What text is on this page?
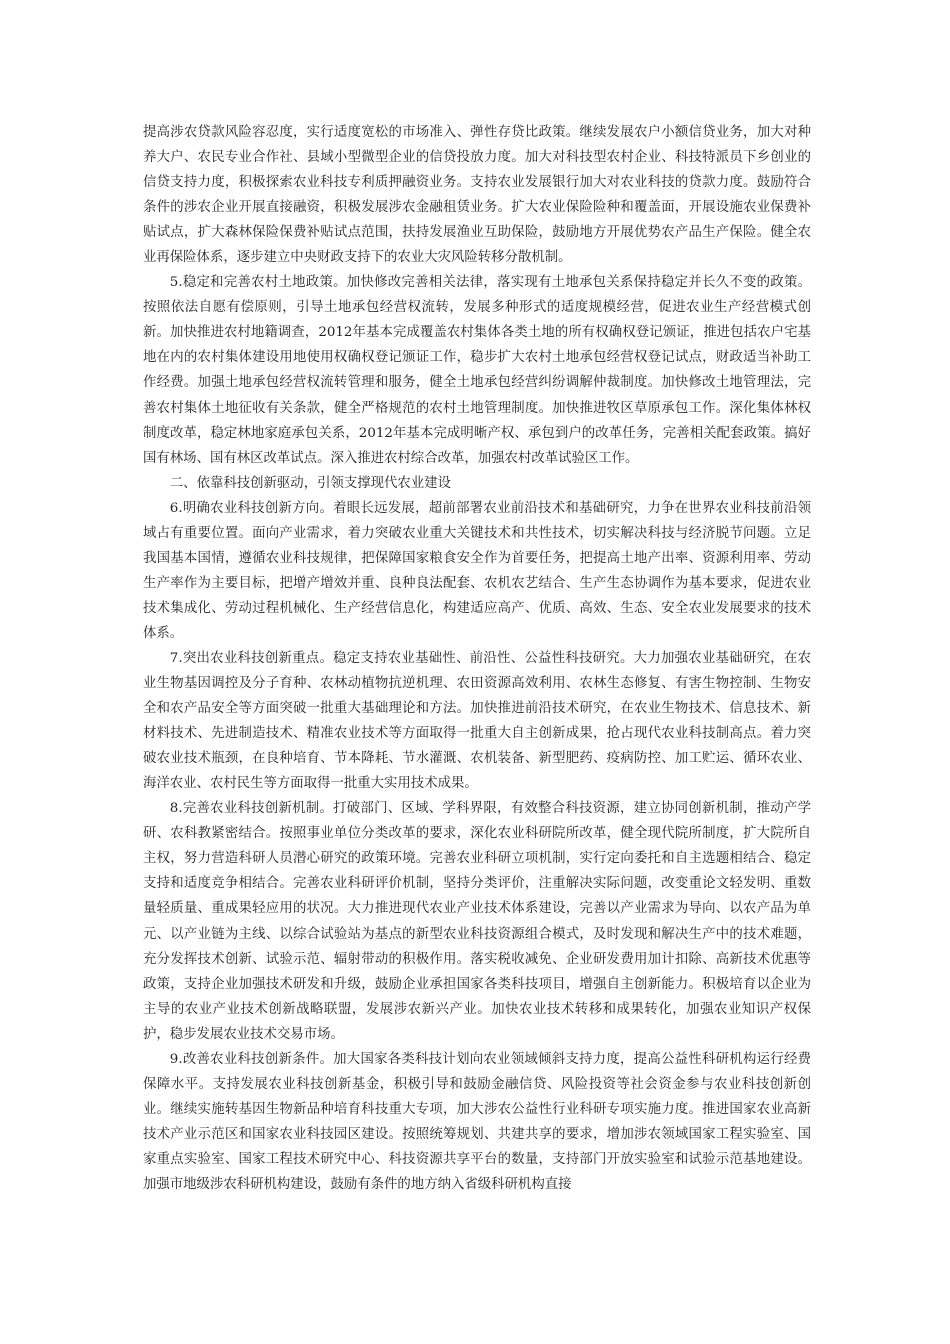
提高涉农贷款风险容忍度，实行适度宽松的市场准入、弹性存贷比政策。继续发展农户小额信贷业务，加大对种养大户、农民专业合作社、县域小型微型企业的信贷投放力度。加大对科技型农村企业、科技特派员下乡创业的信贷支持力度，积极探索农业科技专利质押融资业务。支持农业发展银行加大对农业科技的贷款力度。鼓励符合条件的涉农企业开展直接融资，积极发展涉农金融租赁业务。扩大农业保险险种和覆盖面，开展设施农业保费补贴试点，扩大森林保险保费补贴试点范围，扶持发展渔业互助保险，鼓励地方开展优势农产品生产保险。健全农业再保险体系，逐步建立中央财政支持下的农业大灾风险转移分散机制。

5.稳定和完善农村土地政策。加快修改完善相关法律，落实现有土地承包关系保持稳定并长久不变的政策。按照依法自愿有偿原则，引导土地承包经营权流转，发展多种形式的适度规模经营，促进农业生产经营模式创新。加快推进农村地籍调查，2012年基本完成覆盖农村集体各类土地的所有权确权登记颁证，推进包括农户宅基地在内的农村集体建设用地使用权确权登记颁证工作，稳步扩大农村土地承包经营权登记试点，财政适当补助工作经费。加强土地承包经营权流转管理和服务，健全土地承包经营纠纷调解仲裁制度。加快修改土地管理法，完善农村集体土地征收有关条款，健全严格规范的农村土地管理制度。加快推进牧区草原承包工作。深化集体林权制度改革，稳定林地家庭承包关系，2012年基本完成明晰产权、承包到户的改革任务，完善相关配套政策。搞好国有林场、国有林区改革试点。深入推进农村综合改革，加强农村改革试验区工作。

二、依靠科技创新驱动，引领支撑现代农业建设

6.明确农业科技创新方向。着眼长远发展，超前部署农业前沿技术和基础研究，力争在世界农业科技前沿领域占有重要位置。面向产业需求，着力突破农业重大关键技术和共性技术，切实解决科技与经济脱节问题。立足我国基本国情，遵循农业科技规律，把保障国家粮食安全作为首要任务，把提高土地产出率、资源利用率、劳动生产率作为主要目标，把增产增效并重、良种良法配套、农机农艺结合、生产生态协调作为基本要求，促进农业技术集成化、劳动过程机械化、生产经营信息化，构建适应高产、优质、高效、生态、安全农业发展要求的技术体系。

7.突出农业科技创新重点。稳定支持农业基础性、前沿性、公益性科技研究。大力加强农业基础研究，在农业生物基因调控及分子育种、农林动植物抗逆机理、农田资源高效利用、农林生态修复、有害生物控制、生物安全和农产品安全等方面突破一批重大基础理论和方法。加快推进前沿技术研究，在农业生物技术、信息技术、新材料技术、先进制造技术、精准农业技术等方面取得一批重大自主创新成果，抢占现代农业科技制高点。着力突破农业技术瓶颈，在良种培育、节本降耗、节水灌溉、农机装备、新型肥药、疫病防控、加工贮运、循环农业、海洋农业、农村民生等方面取得一批重大实用技术成果。

8.完善农业科技创新机制。打破部门、区域、学科界限，有效整合科技资源，建立协同创新机制，推动产学研、农科教紧密结合。按照事业单位分类改革的要求，深化农业科研院所改革，健全现代院所制度，扩大院所自主权，努力营造科研人员潜心研究的政策环境。完善农业科研立项机制，实行定向委托和自主选题相结合、稳定支持和适度竞争相结合。完善农业科研评价机制，坚持分类评价，注重解决实际问题，改变重论文轻发明、重数量轻质量、重成果轻应用的状况。大力推进现代农业产业技术体系建设，完善以产业需求为导向、以农产品为单元、以产业链为主线、以综合试验站为基点的新型农业科技资源组合模式，及时发现和解决生产中的技术难题，充分发挥技术创新、试验示范、辐射带动的积极作用。落实税收减免、企业研发费用加计扣除、高新技术优惠等政策，支持企业加强技术研发和升级，鼓励企业承担国家各类科技项目，增强自主创新能力。积极培育以企业为主导的农业产业技术创新战略联盟，发展涉农新兴产业。加快农业技术转移和成果转化，加强农业知识产权保护，稳步发展农业技术交易市场。

9.改善农业科技创新条件。加大国家各类科技计划向农业领域倾斜支持力度，提高公益性科研机构运行经费保障水平。支持发展农业科技创新基金，积极引导和鼓励金融信贷、风险投资等社会资金参与农业科技创新创业。继续实施转基因生物新品种培育科技重大专项，加大涉农公益性行业科研专项实施力度。推进国家农业高新技术产业示范区和国家农业科技园区建设。按照统筹规划、共建共享的要求，增加涉农领域国家工程实验室、国家重点实验室、国家工程技术研究中心、科技资源共享平台的数量，支持部门开放实验室和试验示范基地建设。加强市地级涉农科研机构建设，鼓励有条件的地方纳入省级科研机构直接
